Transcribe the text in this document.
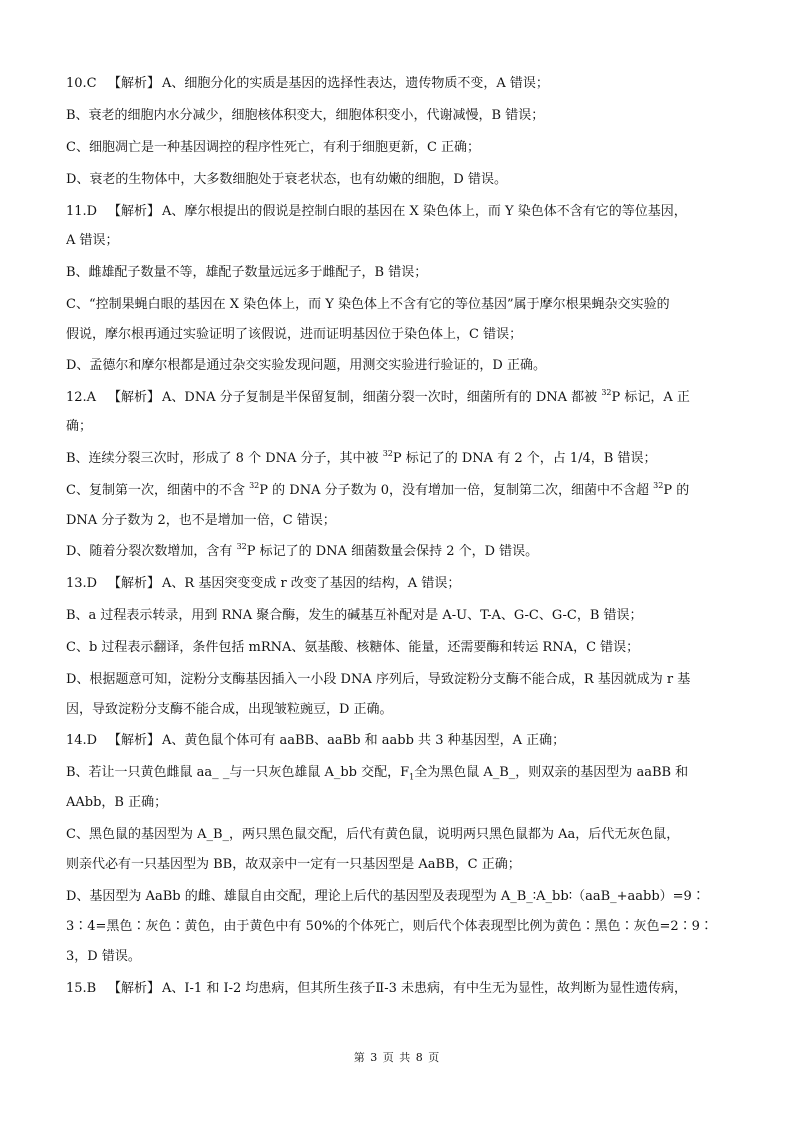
10.C 【解析】 A、细胞分化的实质是基因的选择性表达，遗传物质不变，A 错误；
B、衰老的细胞内水分减少，细胞核体积变大，细胞体积变小，代谢减慢，B 错误；
C、细胞凋亡是一种基因调控的程序性死亡，有利于细胞更新，C 正确；
D、衰老的生物体中，大多数细胞处于衰老状态，也有幼嫩的细胞，D 错误。
11.D 【解析】 A、摩尔根提出的假说是控制白眼的基因在 X 染色体上，而 Y 染色体不含有它的等位基因，
A 错误；
B、雌雄配子数量不等，雄配子数量远远多于雌配子，B 错误；
C、“控制果蝇白眼的基因在 X 染色体上，而 Y 染色体上不含有它的等位基因”属于摩尔根果蝇杂交实验的
假说，摩尔根再通过实验证明了该假说，进而证明基因位于染色体上，C 错误；
D、孟德尔和摩尔根都是通过杂交实验发现问题，用测交实验进行验证的，D 正确。
12.A 【解析】 A、DNA 分子复制是半保留复制，细菌分裂一次时，细菌所有的 DNA 都被 $^{32}$P 标记，A 正
确；
B、连续分裂三次时，形成了 8 个 DNA 分子，其中被 $^{32}$P 标记了的 DNA 有 2 个，占 1/4，B 错误；
C、复制第一次，细菌中的不含 $^{32}$P 的 DNA 分子数为 0，没有增加一倍，复制第二次，细菌中不含超 $^{32}$P 的
DNA 分子数为 2，也不是增加一倍，C 错误；
D、随着分裂次数增加，含有 $^{32}$P 标记了的 DNA 细菌数量会保持 2 个，D 错误。
13.D 【解析】 A、R 基因突变变成 r 改变了基因的结构，A 错误；
B、a 过程表示转录，用到 RNA 聚合酶，发生的碱基互补配对是 A-U、T-A、G-C、G-C，B 错误；
C、b 过程表示翻译，条件包括 mRNA、氨基酸、核糖体、能量，还需要酶和转运 RNA，C 错误；
D、根据题意可知，淀粉分支酶基因插入一小段 DNA 序列后，导致淀粉分支酶不能合成，R 基因就成为 r 基
因，导致淀粉分支酶不能合成，出现皱粒豌豆，D 正确。
14.D 【解析】 A、黄色鼠个体可有 aaBB、aaBb 和 aabb 共 3 种基因型，A 正确；
B、若让一只黄色雌鼠 aa_ _与一只灰色雄鼠 A_bb 交配，$F_1$全为黑色鼠 A_B_，则双亲的基因型为 aaBB 和
AAbb，B 正确；
C、黑色鼠的基因型为 A_B_，两只黑色鼠交配，后代有黄色鼠，说明两只黑色鼠都为 Aa，后代无灰色鼠，
则亲代必有一只基因型为 BB，故双亲中一定有一只基因型是 AaBB，C 正确；
D、基因型为 AaBb 的雌、雄鼠自由交配，理论上后代的基因型及表现型为 A_B_∶A_bb∶（aaB_+aabb）=9∶
3∶4=黑色∶灰色∶黄色，由于黄色中有 50%的个体死亡，则后代个体表现型比例为黄色∶黑色∶灰色=2∶9∶
3，D 错误。
15.B 【解析】 A、I-1 和 I-2 均患病，但其所生孩子Ⅱ-3 未患病，有中生无为显性，故判断为显性遗传病，
第 3 页 共 8 页
